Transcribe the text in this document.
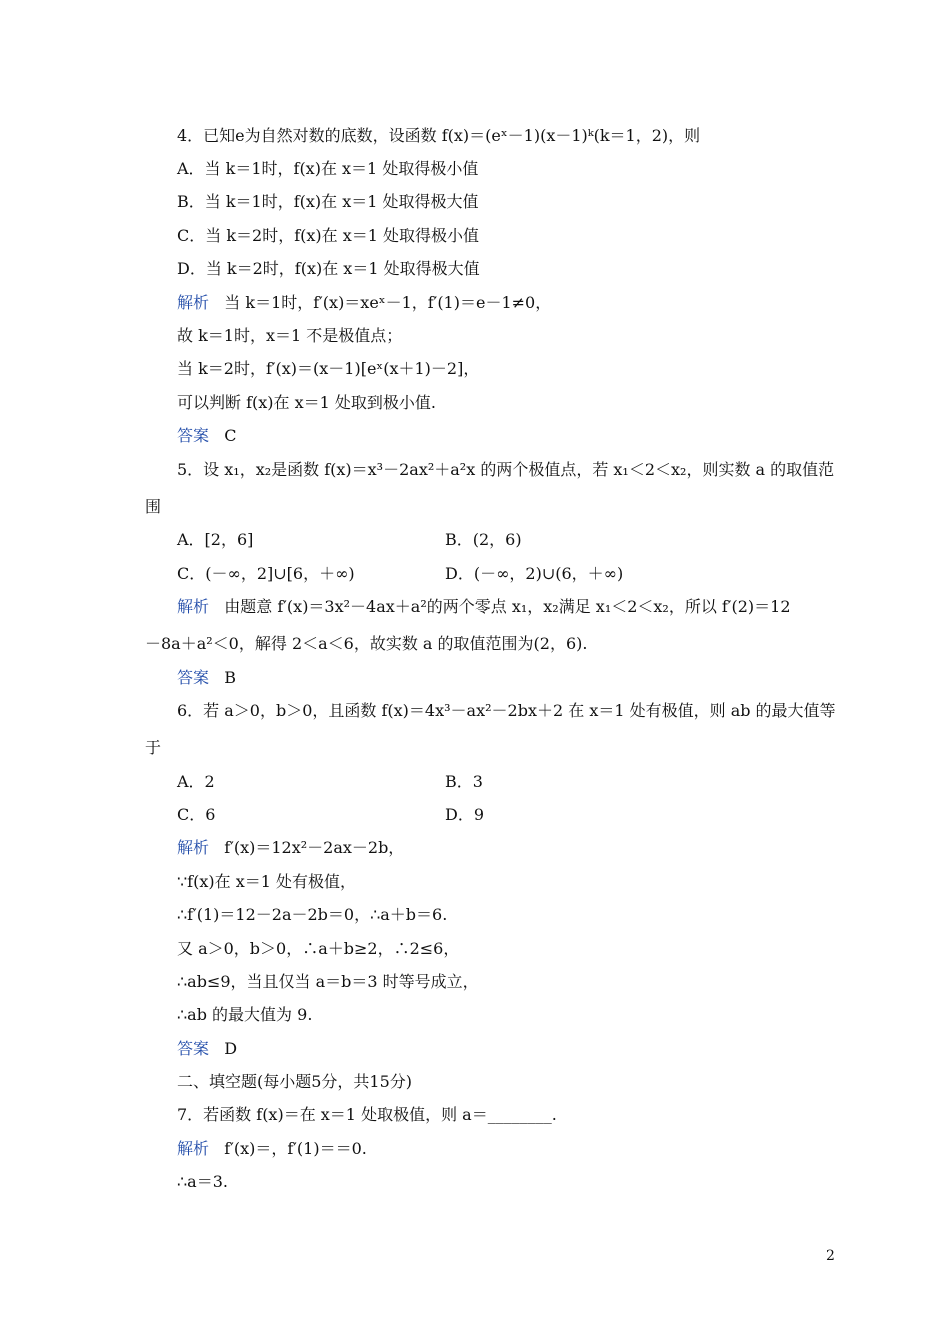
4．已知e为自然对数的底数，设函数 f(x)＝(eˣ－1)(x－1)ᵏ(k＝1，2)，则
A．当 k＝1时，f(x)在 x＝1 处取得极小值
B．当 k＝1时，f(x)在 x＝1 处取得极大值
C．当 k＝2时，f(x)在 x＝1 处取得极小值
D．当 k＝2时，f(x)在 x＝1 处取得极大值
解析 当 k＝1时，f′(x)＝xeˣ－1，f′(1)＝e－1≠0，
故 k＝1时，x＝1 不是极值点；
当 k＝2时，f′(x)＝(x－1)[eˣ(x＋1)－2]，
可以判断 f(x)在 x＝1 处取到极小值.
答案 C
5．设 x₁，x₂是函数 f(x)＝x³－2ax²＋a²x 的两个极值点，若 x₁＜2＜x₂，则实数 a 的取值范
围
A．[2，6]	B．(2，6)
C．(－∞，2]∪[6，＋∞)	D．(－∞，2)∪(6，＋∞)
解析 由题意 f′(x)＝3x²－4ax＋a²的两个零点 x₁，x₂满足 x₁＜2＜x₂，所以 f′(2)＝12
－8a＋a²＜0，解得 2＜a＜6，故实数 a 的取值范围为(2，6).
答案 B
6．若 a＞0，b＞0，且函数 f(x)＝4x³－ax²－2bx＋2 在 x＝1 处有极值，则 ab 的最大值等
于
A．2	B．3
C．6	D．9
解析 f′(x)＝12x²－2ax－2b，
∵f(x)在 x＝1 处有极值，
∴f′(1)＝12－2a－2b＝0，∴a＋b＝6.
又 a＞0，b＞0，∴a＋b≥2，∴2≤6，
∴ab≤9，当且仅当 a＝b＝3 时等号成立，
∴ab 的最大值为 9.
答案 D
二、填空题(每小题5分，共15分)
7．若函数 f(x)＝在 x＝1 处取极值，则 a＝________.
解析 f′(x)＝，f′(1)＝＝0.
∴a＝3.
2
